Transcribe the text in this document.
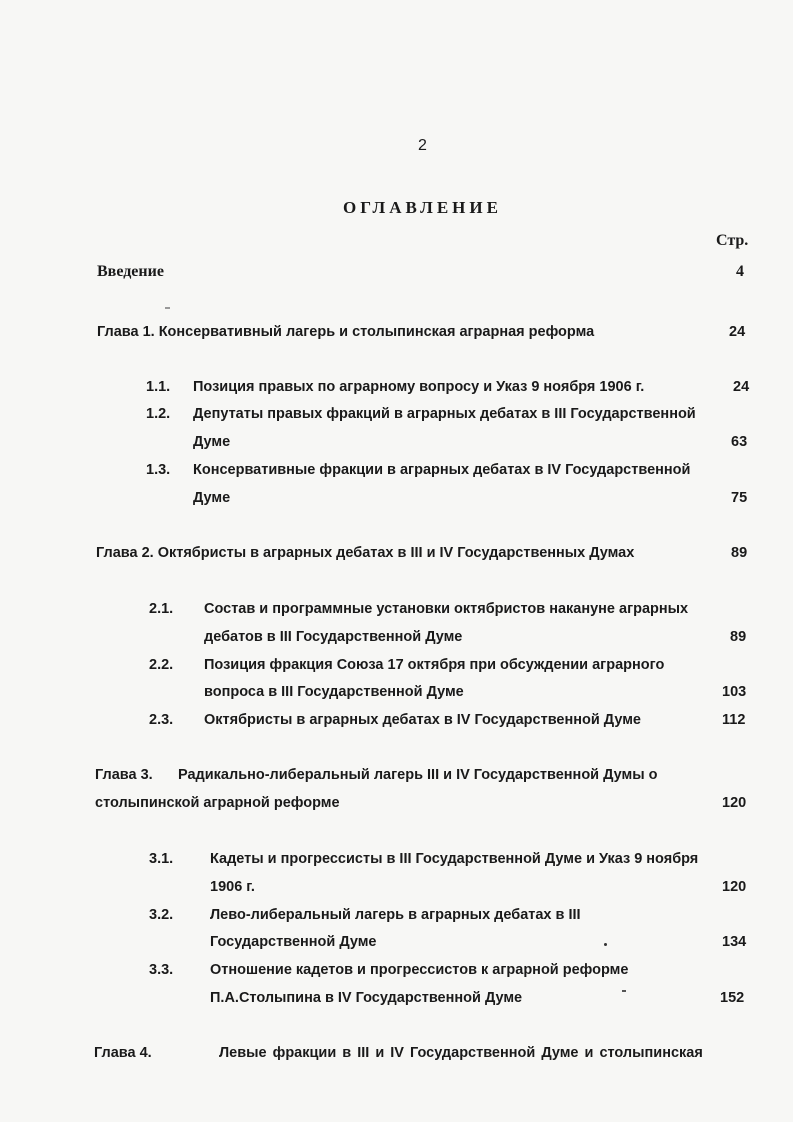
2
ОГЛАВЛЕНИЕ
Стр.
Введение	4
Глава 1. Консервативный лагерь и столыпинская аграрная реформа	24
1.1. Позиция правых по аграрному вопросу и Указ 9 ноября 1906 г.	24
1.2. Депутаты правых фракций в аграрных дебатах в III Государственной
Думе	63
1.3. Консервативные фракции в аграрных дебатах в IV Государственной
Думе	75
Глава 2. Октябристы в аграрных дебатах в III и IV Государственных Думах	89
2.1. Состав и программные установки октябристов накануне аграрных
дебатов в III Государственной Думе	89
2.2. Позиция фракция Союза 17 октября при обсуждении аграрного
вопроса в III Государственной Думе	103
2.3. Октябристы в аграрных дебатах в IV Государственной Думе	112
Глава 3. Радикально-либеральный лагерь III и IV Государственной Думы о
столыпинской аграрной реформе	120
3.1.	Кадеты и прогрессисты в III Государственной Думе и Указ 9 ноября
1906 г.	120
3.2.	Лево-либеральный лагерь в аграрных дебатах в III
Государственной Думе	134
3.3.	Отношение кадетов и прогрессистов к аграрной реформе
П.А.Столыпина в IV Государственной Думе	152
Глава 4.	Левые фракции в III и IV Государственной Думе и столыпинская
